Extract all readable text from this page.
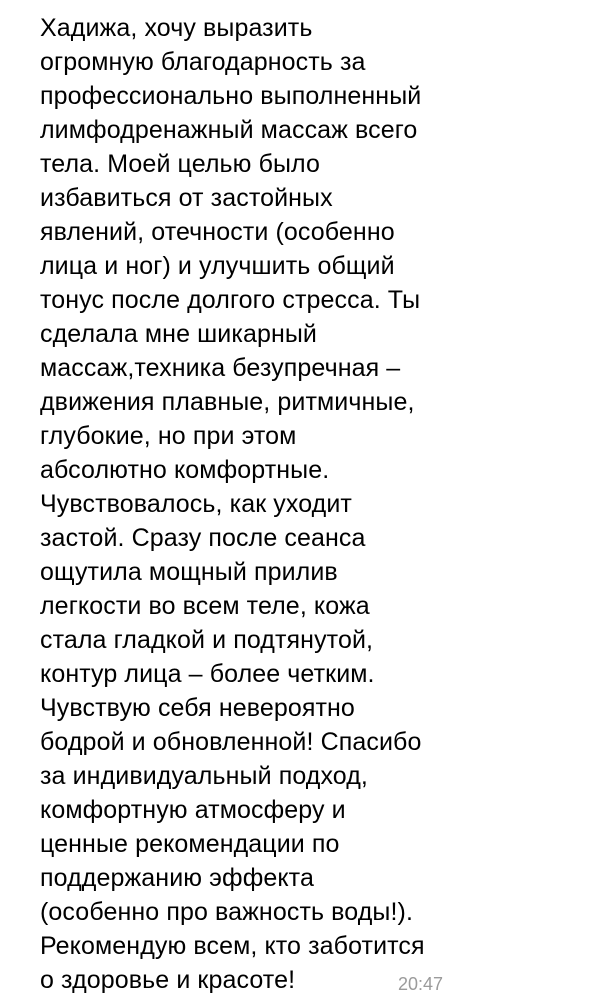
Хадижа, хочу выразить
огромную благодарность за
профессионально выполненный
лимфодренажный массаж всего
тела. Моей целью было
избавиться от застойных
явлений, отечности (особенно
лица и ног) и улучшить общий
тонус после долгого стресса. Ты
сделала мне шикарный
массаж,техника безупречная –
движения плавные, ритмичные,
глубокие, но при этом
абсолютно комфортные.
Чувствовалось, как уходит
застой. Сразу после сеанса
ощутила мощный прилив
легкости во всем теле, кожа
стала гладкой и подтянутой,
контур лица – более четким.
Чувствую себя невероятно
бодрой и обновленной! Спасибо
за индивидуальный подход,
комфортную атмосферу и
ценные рекомендации по
поддержанию эффекта
(особенно про важность воды!).
Рекомендую всем, кто заботится
о здоровье и красоте!	20:47
